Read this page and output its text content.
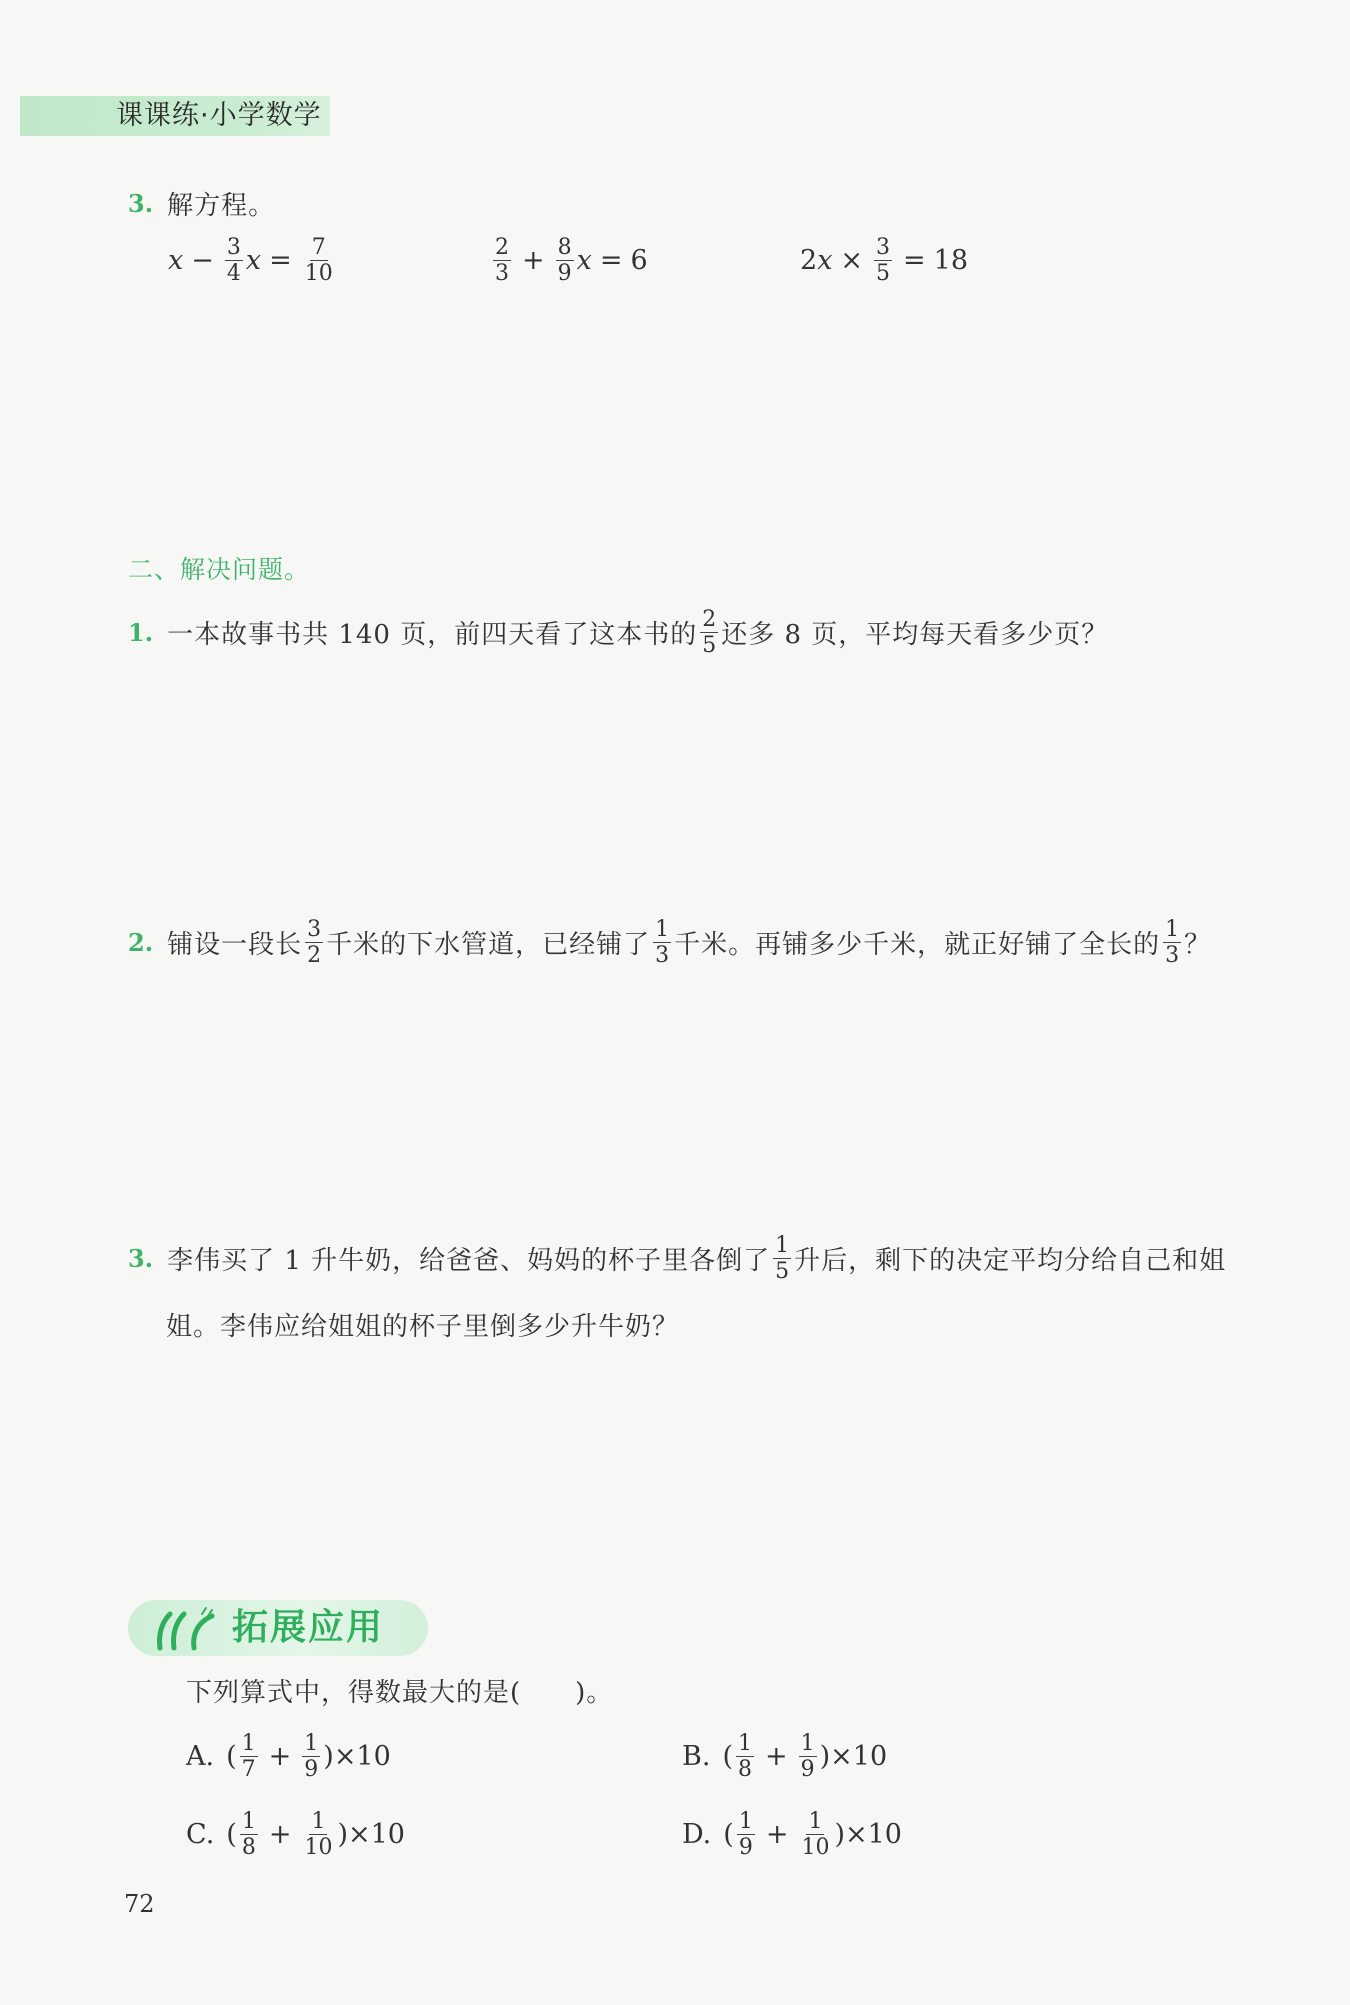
课课练·小学数学
3. 解方程。
$x - \frac{3}{4}$ $x = \frac{7}{10}$	$\frac{2}{3} + \frac{8}{9}$ x = 6	2 $x \times \frac{3}{5} = 18$
二、解决问题。
1. 一本故事书共 140 页，前四天看了这本书的 $\frac{2}{5}$ 还多 8 页，平均每天看多少页？
2. 铺设一段长 $\frac{3}{2}$ 千米的下水管道，已经铺了 $\frac{1}{3}$ 千米。再铺多少千米，就正好铺了全长的 $\frac{1}{3}$ ？
3. 李伟买了 1 升牛奶，给爸爸、妈妈的杯子里各倒了 $\frac{1}{5}$ 升后，剩下的决定平均分给自己和姐
姐。李伟应给姐姐的杯子里倒多少升牛奶？
拓展应用
下列算式中，得数最大的是(　　)。
A. ( $\frac{1}{7} + \frac{1}{9}$ ) ×10	B. ( $\frac{1}{8} + \frac{1}{9}$ ) ×10
C. ( $\frac{1}{8} + \frac{1}{10}$ ) ×10	D. ( $\frac{1}{9} + \frac{1}{10}$ ) ×10
72
